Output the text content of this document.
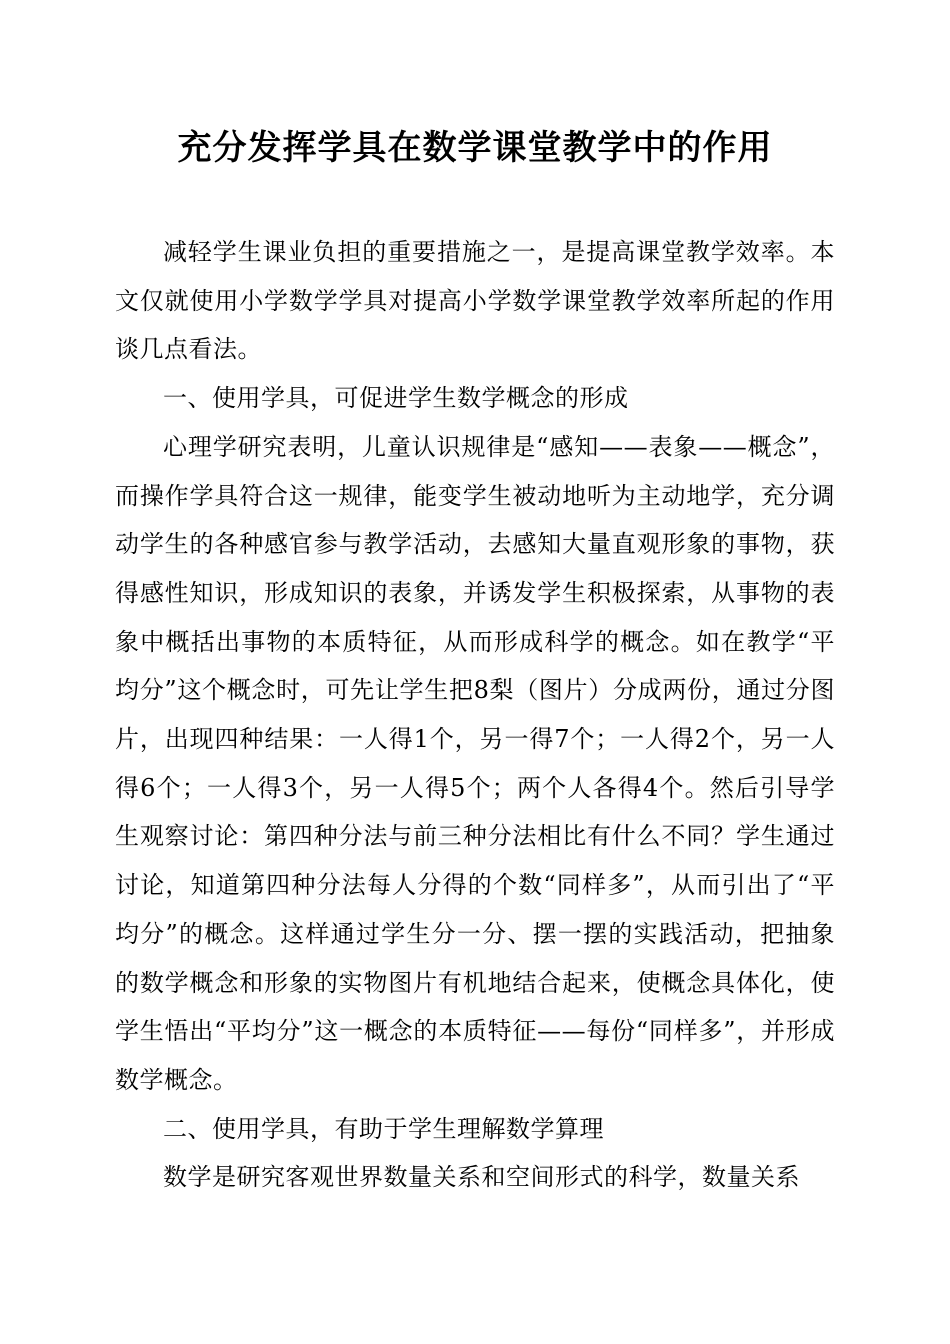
充分发挥学具在数学课堂教学中的作用

减轻学生课业负担的重要措施之一，是提高课堂教学效率。本文仅就使用小学数学学具对提高小学数学课堂教学效率所起的作用谈几点看法。

一、使用学具，可促进学生数学概念的形成

心理学研究表明，儿童认识规律是“感知——表象——概念”，而操作学具符合这一规律，能变学生被动地听为主动地学，充分调动学生的各种感官参与教学活动，去感知大量直观形象的事物，获得感性知识，形成知识的表象，并诱发学生积极探索，从事物的表象中概括出事物的本质特征，从而形成科学的概念。如在教学“平均分”这个概念时，可先让学生把8梨（图片）分成两份，通过分图片，出现四种结果：一人得1个，另一得7个；一人得2个，另一人得6个；一人得3个，另一人得5个；两个人各得4个。然后引导学生观察讨论：第四种分法与前三种分法相比有什么不同？学生通过讨论，知道第四种分法每人分得的个数“同样多”，从而引出了“平均分”的概念。这样通过学生分一分、摆一摆的实践活动，把抽象的数学概念和形象的实物图片有机地结合起来，使概念具体化，使学生悟出“平均分”这一概念的本质特征——每份“同样多”，并形成数学概念。

二、使用学具，有助于学生理解数学算理

数学是研究客观世界数量关系和空间形式的科学，数量关系
